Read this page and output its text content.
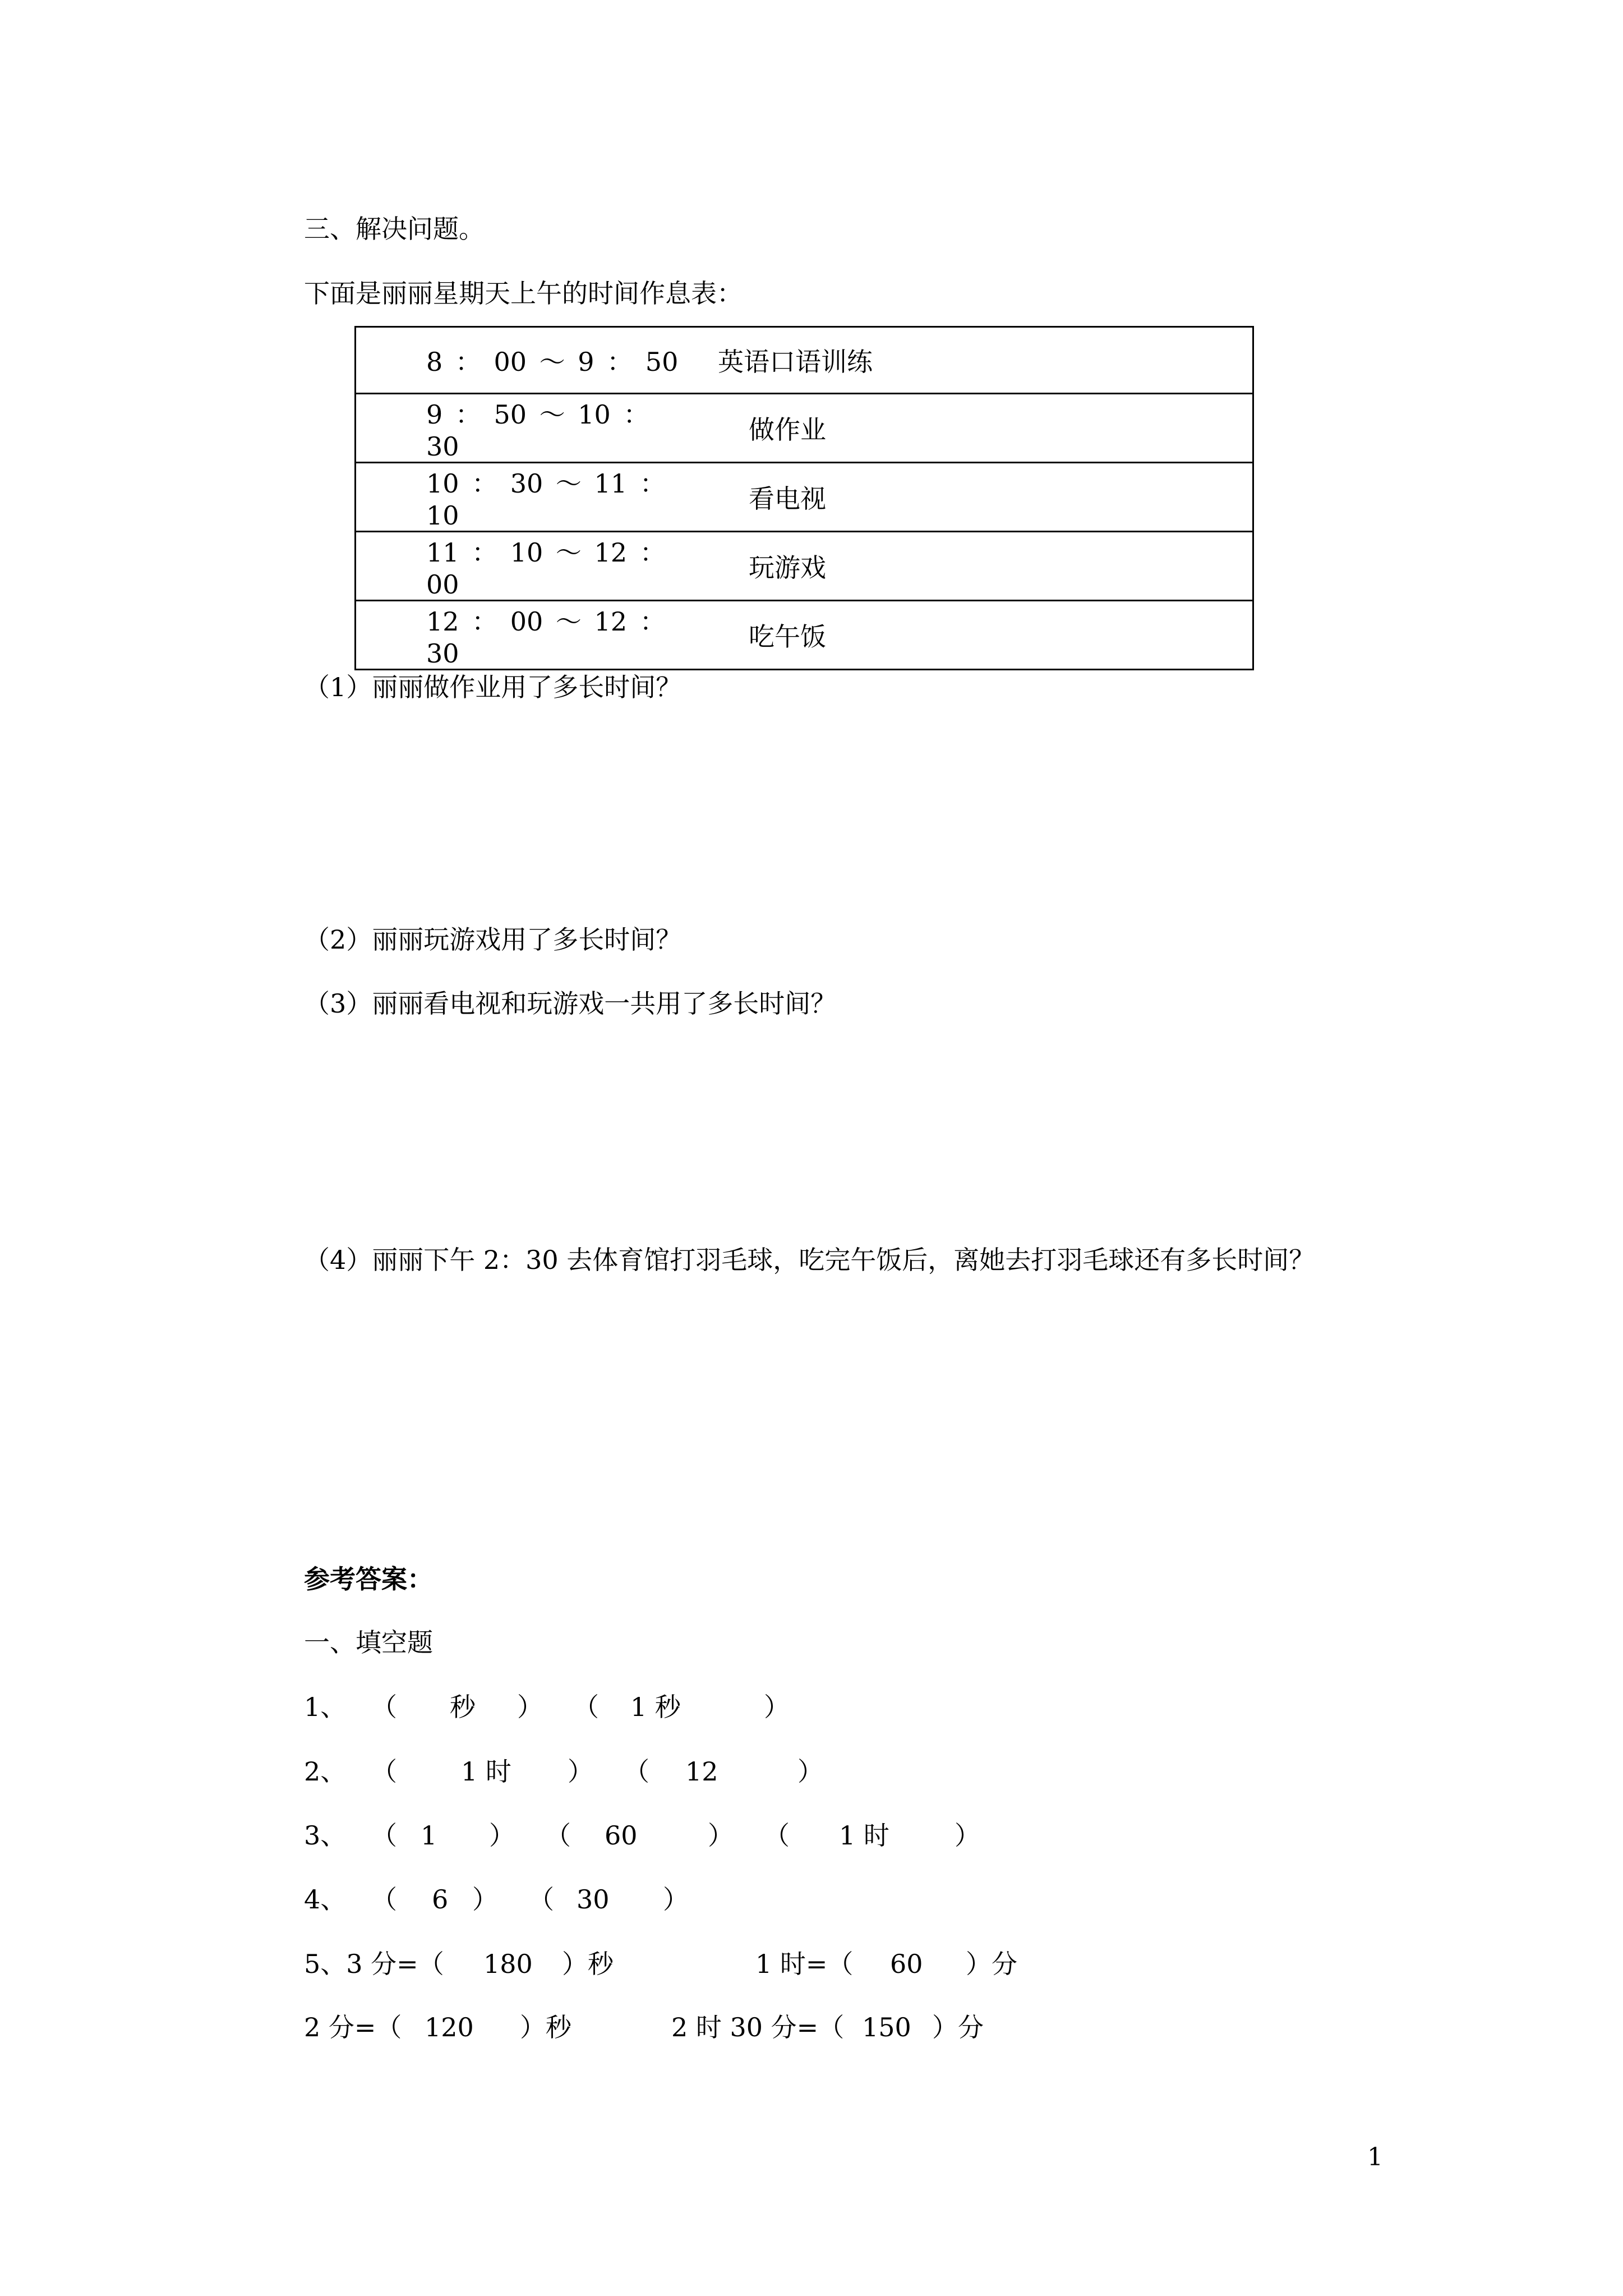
三、解决问题。
下面是丽丽星期天上午的时间作息表：
8 ： 00 ～ 9 ： 50	英语口语训练

9 ： 50 ～ 10 ： 30
做作业

10 ： 30 ～ 11 ： 10
看电视

11 ： 10 ～ 12 ： 00
玩游戏

12 ： 00 ～ 12 ： 30
吃午饭
（1）丽丽做作业用了多长时间？
（2）丽丽玩游戏用了多长时间？
（3）丽丽看电视和玩游戏一共用了多长时间？
（4）丽丽下午 2：30 去体育馆打羽毛球，吃完午饭后，离她去打羽毛球还有多长时间？
参考答案：
一、填空题
1、 （ 秒 ） （ 1 秒	）
2、 （ 1 时 ） （ 12	）
3、 （ 1 ） （ 60	） （ 1 时	）
4、 （ 6 ） （ 30 ）
5、3 分=（ 180 ）秒	1 时=（ 60 ）分
2 分=（ 120 ）秒	2 时 30 分=（ 150 ）分
1
